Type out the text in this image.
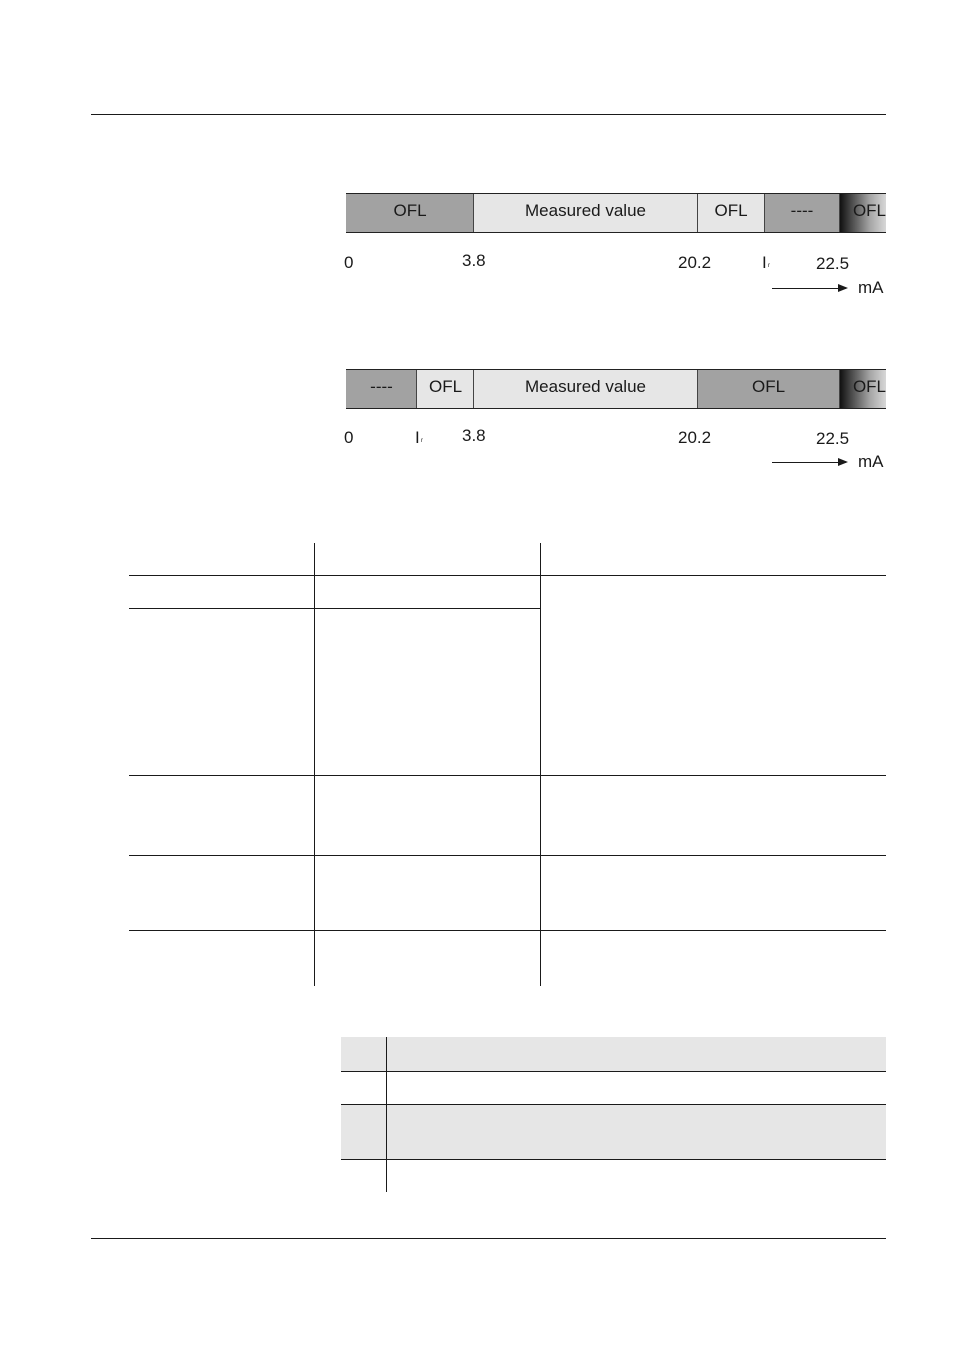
OFL	Measured value	OFL	----	OFL
0	3.8	20.2	I r	22.5
mA
----	OFL	Measured value	OFL	OFL
0	I r 3.8	20.2	22.5
mA
